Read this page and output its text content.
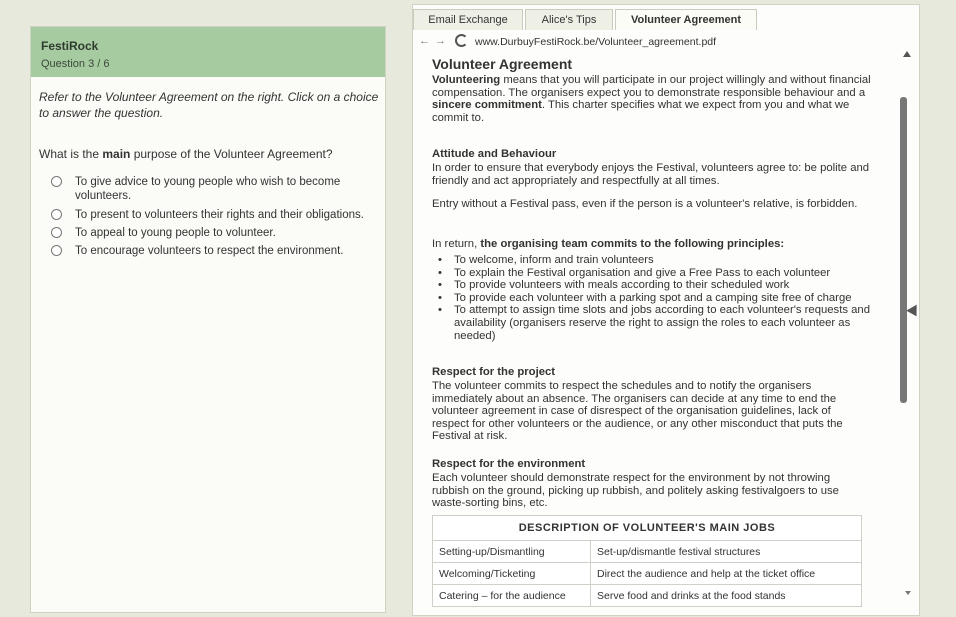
FestiRock
Question 3 / 6
Refer to the Volunteer Agreement on the right. Click on a choice to answer the question.
What is the main purpose of the Volunteer Agreement?
To give advice to young people who wish to become volunteers.
To present to volunteers their rights and their obligations.
To appeal to young people to volunteer.
To encourage volunteers to respect the environment.
Email Exchange	Alice's Tips	Volunteer Agreement
← →	www.DurbuyFestiRock.be/Volunteer_agreement.pdf
Volunteer Agreement
Volunteering means that you will participate in our project willingly and without financial compensation. The organisers expect you to demonstrate responsible behaviour and a sincere commitment. This charter specifies what we expect from you and what we commit to.
Attitude and Behaviour
In order to ensure that everybody enjoys the Festival, volunteers agree to: be polite and friendly and act appropriately and respectfully at all times.
Entry without a Festival pass, even if the person is a volunteer's relative, is forbidden.
In return, the organising team commits to the following principles:
• To welcome, inform and train volunteers
• To explain the Festival organisation and give a Free Pass to each volunteer
• To provide volunteers with meals according to their scheduled work
• To provide each volunteer with a parking spot and a camping site free of charge
• To attempt to assign time slots and jobs according to each volunteer's requests and availability (organisers reserve the right to assign the roles to each volunteer as needed)
Respect for the project
The volunteer commits to respect the schedules and to notify the organisers immediately about an absence. The organisers can decide at any time to end the volunteer agreement in case of disrespect of the organisation guidelines, lack of respect for other volunteers or the audience, or any other misconduct that puts the Festival at risk.
Respect for the environment
Each volunteer should demonstrate respect for the environment by not throwing rubbish on the ground, picking up rubbish, and politely asking festivalgoers to use waste-sorting bins, etc.
DESCRIPTION OF VOLUNTEER'S MAIN JOBS	
Setting-up/Dismantling	Set-up/dismantle festival structures
Welcoming/Ticketing	Direct the audience and help at the ticket office
Catering – for the audience	Serve food and drinks at the food stands
